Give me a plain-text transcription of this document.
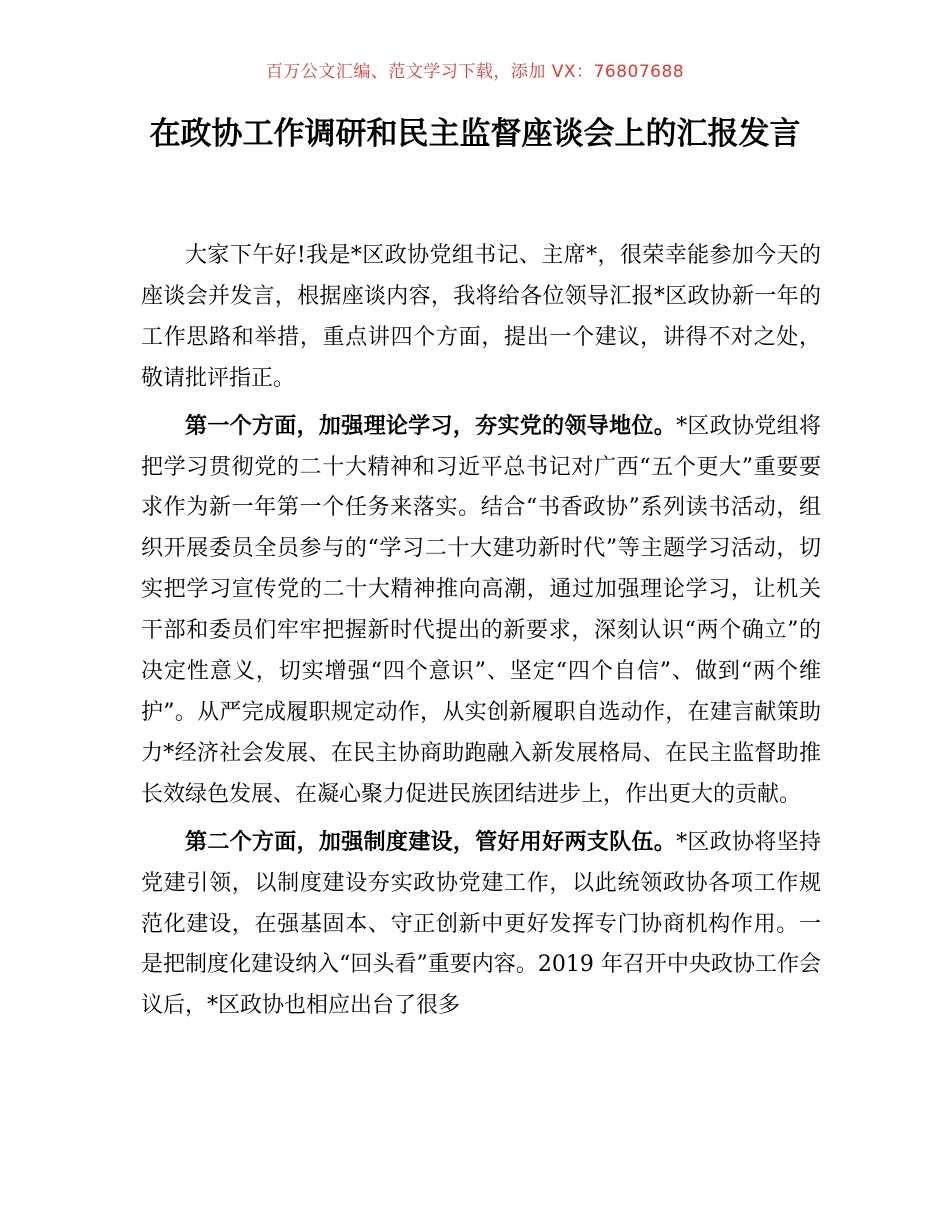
百万公文汇编、范文学习下载，添加 VX：76807688
在政协工作调研和民主监督座谈会上的汇报发言

大家下午好!我是*区政协党组书记、主席*，很荣幸能参加今天的座谈会并发言，根据座谈内容，我将给各位领导汇报*区政协新一年的工作思路和举措，重点讲四个方面，提出一个建议，讲得不对之处，敬请批评指正。

第一个方面，加强理论学习，夯实党的领导地位。*区政协党组将把学习贯彻党的二十大精神和习近平总书记对广西“五个更大”重要要求作为新一年第一个任务来落实。结合“书香政协”系列读书活动，组织开展委员全员参与的“学习二十大建功新时代”等主题学习活动，切实把学习宣传党的二十大精神推向高潮，通过加强理论学习，让机关干部和委员们牢牢把握新时代提出的新要求，深刻认识“两个确立”的决定性意义，切实增强“四个意识”、坚定“四个自信”、做到“两个维护”。从严完成履职规定动作，从实创新履职自选动作，在建言献策助力*经济社会发展、在民主协商助跑融入新发展格局、在民主监督助推长效绿色发展、在凝心聚力促进民族团结进步上，作出更大的贡献。

第二个方面，加强制度建设，管好用好两支队伍。*区政协将坚持党建引领，以制度建设夯实政协党建工作，以此统领政协各项工作规范化建设，在强基固本、守正创新中更好发挥专门协商机构作用。一是把制度化建设纳入“回头看”重要内容。2019 年召开中央政协工作会议后，*区政协也相应出台了很多
